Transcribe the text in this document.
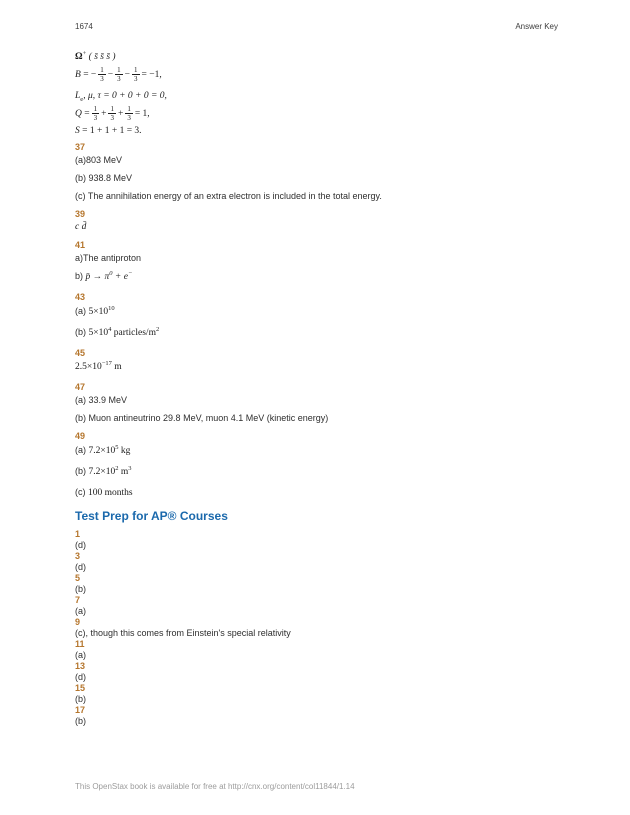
1674	Answer Key
Ω+ ( s̄ s̄ s̄ )
B = − $\frac{1}{3} - \frac{1}{3} - \frac{1}{3} = -1$,
$L_e$, μ, τ = 0 + 0 + 0 = 0,
$Q = \frac{1}{3} + \frac{1}{3} + \frac{1}{3} = 1$,
S = 1 + 1 + 1 = 3.
37
(a)803 MeV
(b) 938.8 MeV
(c) The annihilation energy of an extra electron is included in the total energy.
39
c d̄
41
a)The antiproton
b) p̄ → $\pi^0 + e^-$
43
(a) $5\times 10^{10}$
(b) $5\times 10^4$ particles/$m^2$
45
$2.5\times 10^{-17}$ m
47
(a) 33.9 MeV
(b) Muon antineutrino 29.8 MeV, muon 4.1 MeV (kinetic energy)
49
(a) $7.2\times 10^5$ kg
(b) $7.2\times 10^2$ $m^3$
(c) 100 months
Test Prep for AP® Courses
1
(d)
3
(d)
5
(b)
7
(a)
9
(c), though this comes from Einstein's special relativity
11
(a)
13
(d)
15
(b)
17
(b)
This OpenStax book is available for free at http://cnx.org/content/col11844/1.14
